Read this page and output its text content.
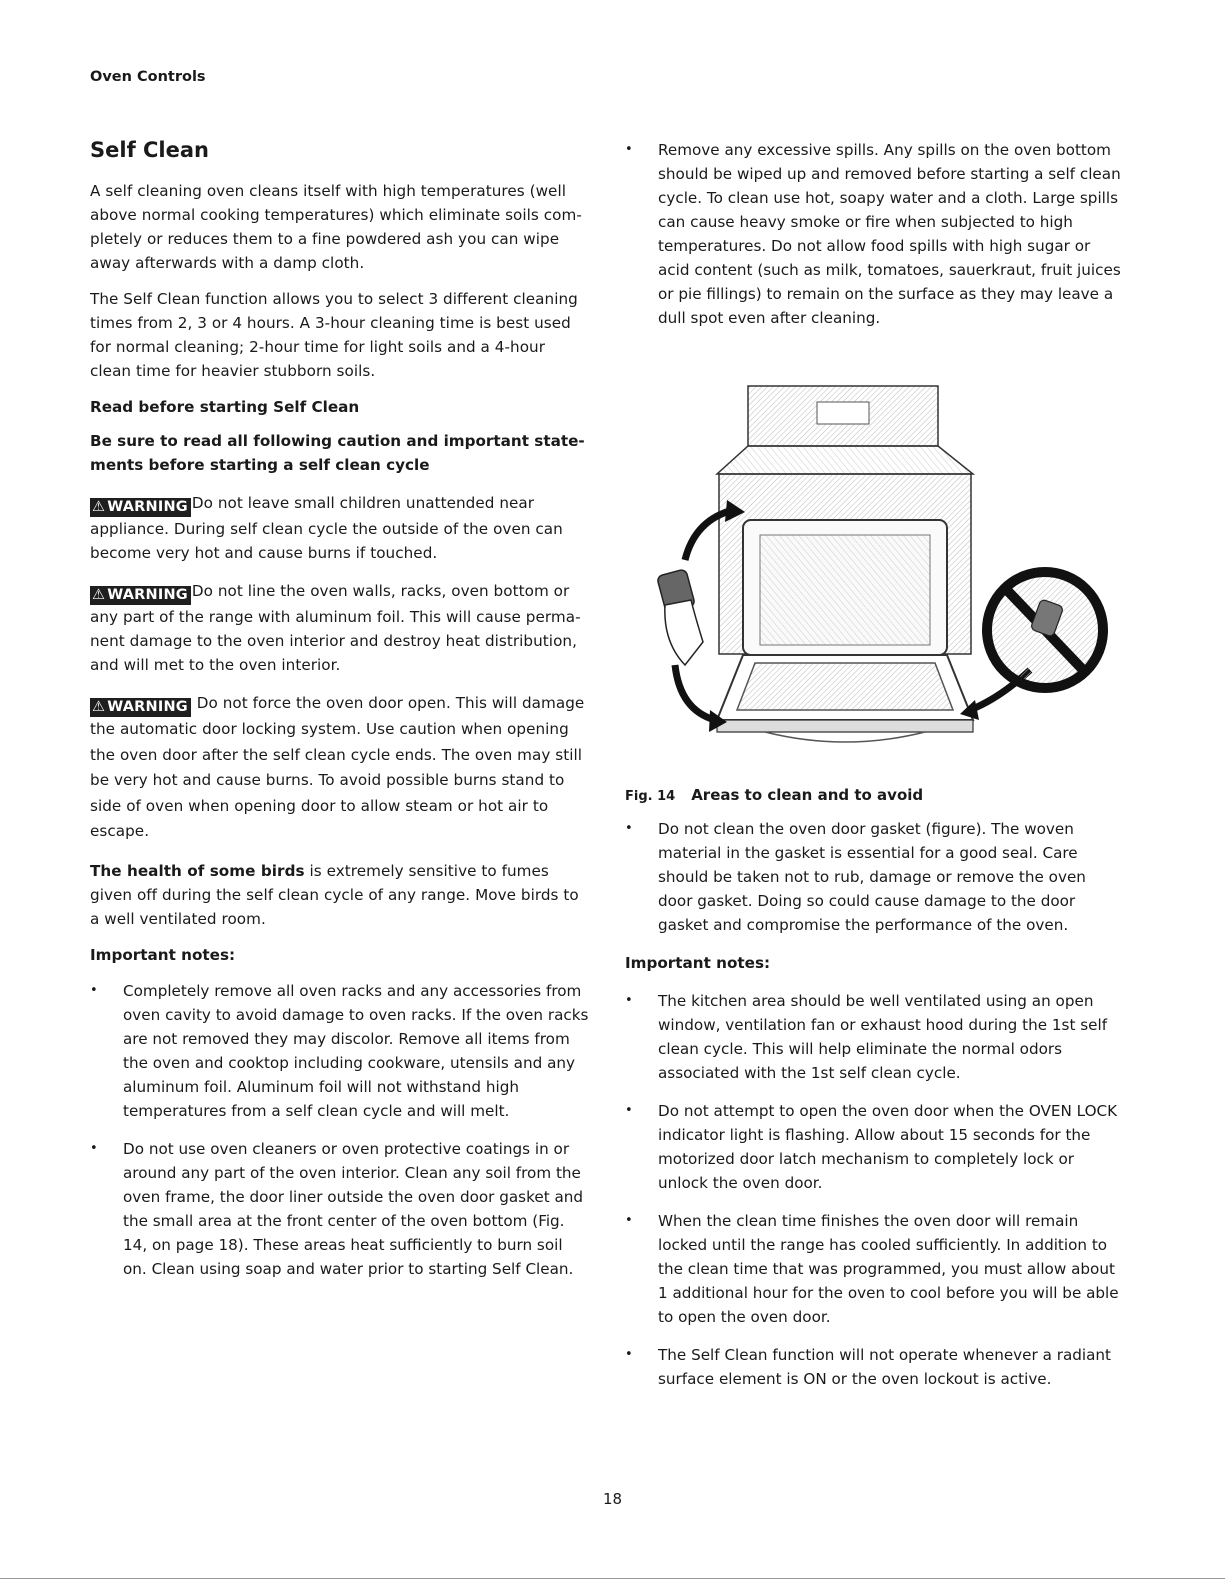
Oven Controls
Self Clean

A self cleaning oven cleans itself with high temperatures (well above normal cooking temperatures) which eliminate soils com-pletely or reduces them to a fine powdered ash you can wipe away afterwards with a damp cloth.

The Self Clean function allows you to select 3 different cleaning times from 2, 3 or 4 hours. A 3-hour cleaning time is best used for normal cleaning; 2-hour time for light soils and a 4-hour clean time for heavier stubborn soils.

Read before starting Self Clean
Be sure to read all following caution and important state-ments before starting a self clean cycle

⚠ WARNING Do not leave small children unattended near appliance. During self clean cycle the outside of the oven can become very hot and cause burns if touched.

⚠ WARNING Do not line the oven walls, racks, oven bottom or any part of the range with aluminum foil. This will cause perma-nent damage to the oven interior and destroy heat distribution, and will met to the oven interior.

⚠ WARNING Do not force the oven door open. This will damage the automatic door locking system. Use caution when opening the oven door after the self clean cycle ends. The oven may still be very hot and cause burns. To avoid possible burns stand to side of oven when opening door to allow steam or hot air to escape.

The health of some birds is extremely sensitive to fumes given off during the self clean cycle of any range. Move birds to a well ventilated room.

Important notes:
• Completely remove all oven racks and any accessories from oven cavity to avoid damage to oven racks. If the oven racks are not removed they may discolor. Remove all items from the oven and cooktop including cookware, utensils and any aluminum foil. Aluminum foil will not withstand high temperatures from a self clean cycle and will melt.
• Do not use oven cleaners or oven protective coatings in or around any part of the oven interior. Clean any soil from the oven frame, the door liner outside the oven door gasket and the small area at the front center of the oven bottom (Fig. 14, on page 18). These areas heat sufficiently to burn soil on. Clean using soap and water prior to starting Self Clean.
• Remove any excessive spills. Any spills on the oven bottom should be wiped up and removed before starting a self clean cycle. To clean use hot, soapy water and a cloth. Large spills can cause heavy smoke or fire when subjected to high temperatures. Do not allow food spills with high sugar or acid content (such as milk, tomatoes, sauerkraut, fruit juices or pie fillings) to remain on the surface as they may leave a dull spot even after cleaning.
Fig. 14 Areas to clean and to avoid
• Do not clean the oven door gasket (figure). The woven material in the gasket is essential for a good seal. Care should be taken not to rub, damage or remove the oven door gasket. Doing so could cause damage to the door gasket and compromise the performance of the oven.
Important notes:
• The kitchen area should be well ventilated using an open window, ventilation fan or exhaust hood during the 1st self clean cycle. This will help eliminate the normal odors associated with the 1st self clean cycle.
• Do not attempt to open the oven door when the OVEN LOCK indicator light is flashing. Allow about 15 seconds for the motorized door latch mechanism to completely lock or unlock the oven door.
• When the clean time finishes the oven door will remain locked until the range has cooled sufficiently. In addition to the clean time that was programmed, you must allow about 1 additional hour for the oven to cool before you will be able to open the oven door.
• The Self Clean function will not operate whenever a radiant surface element is ON or the oven lockout is active.
18
